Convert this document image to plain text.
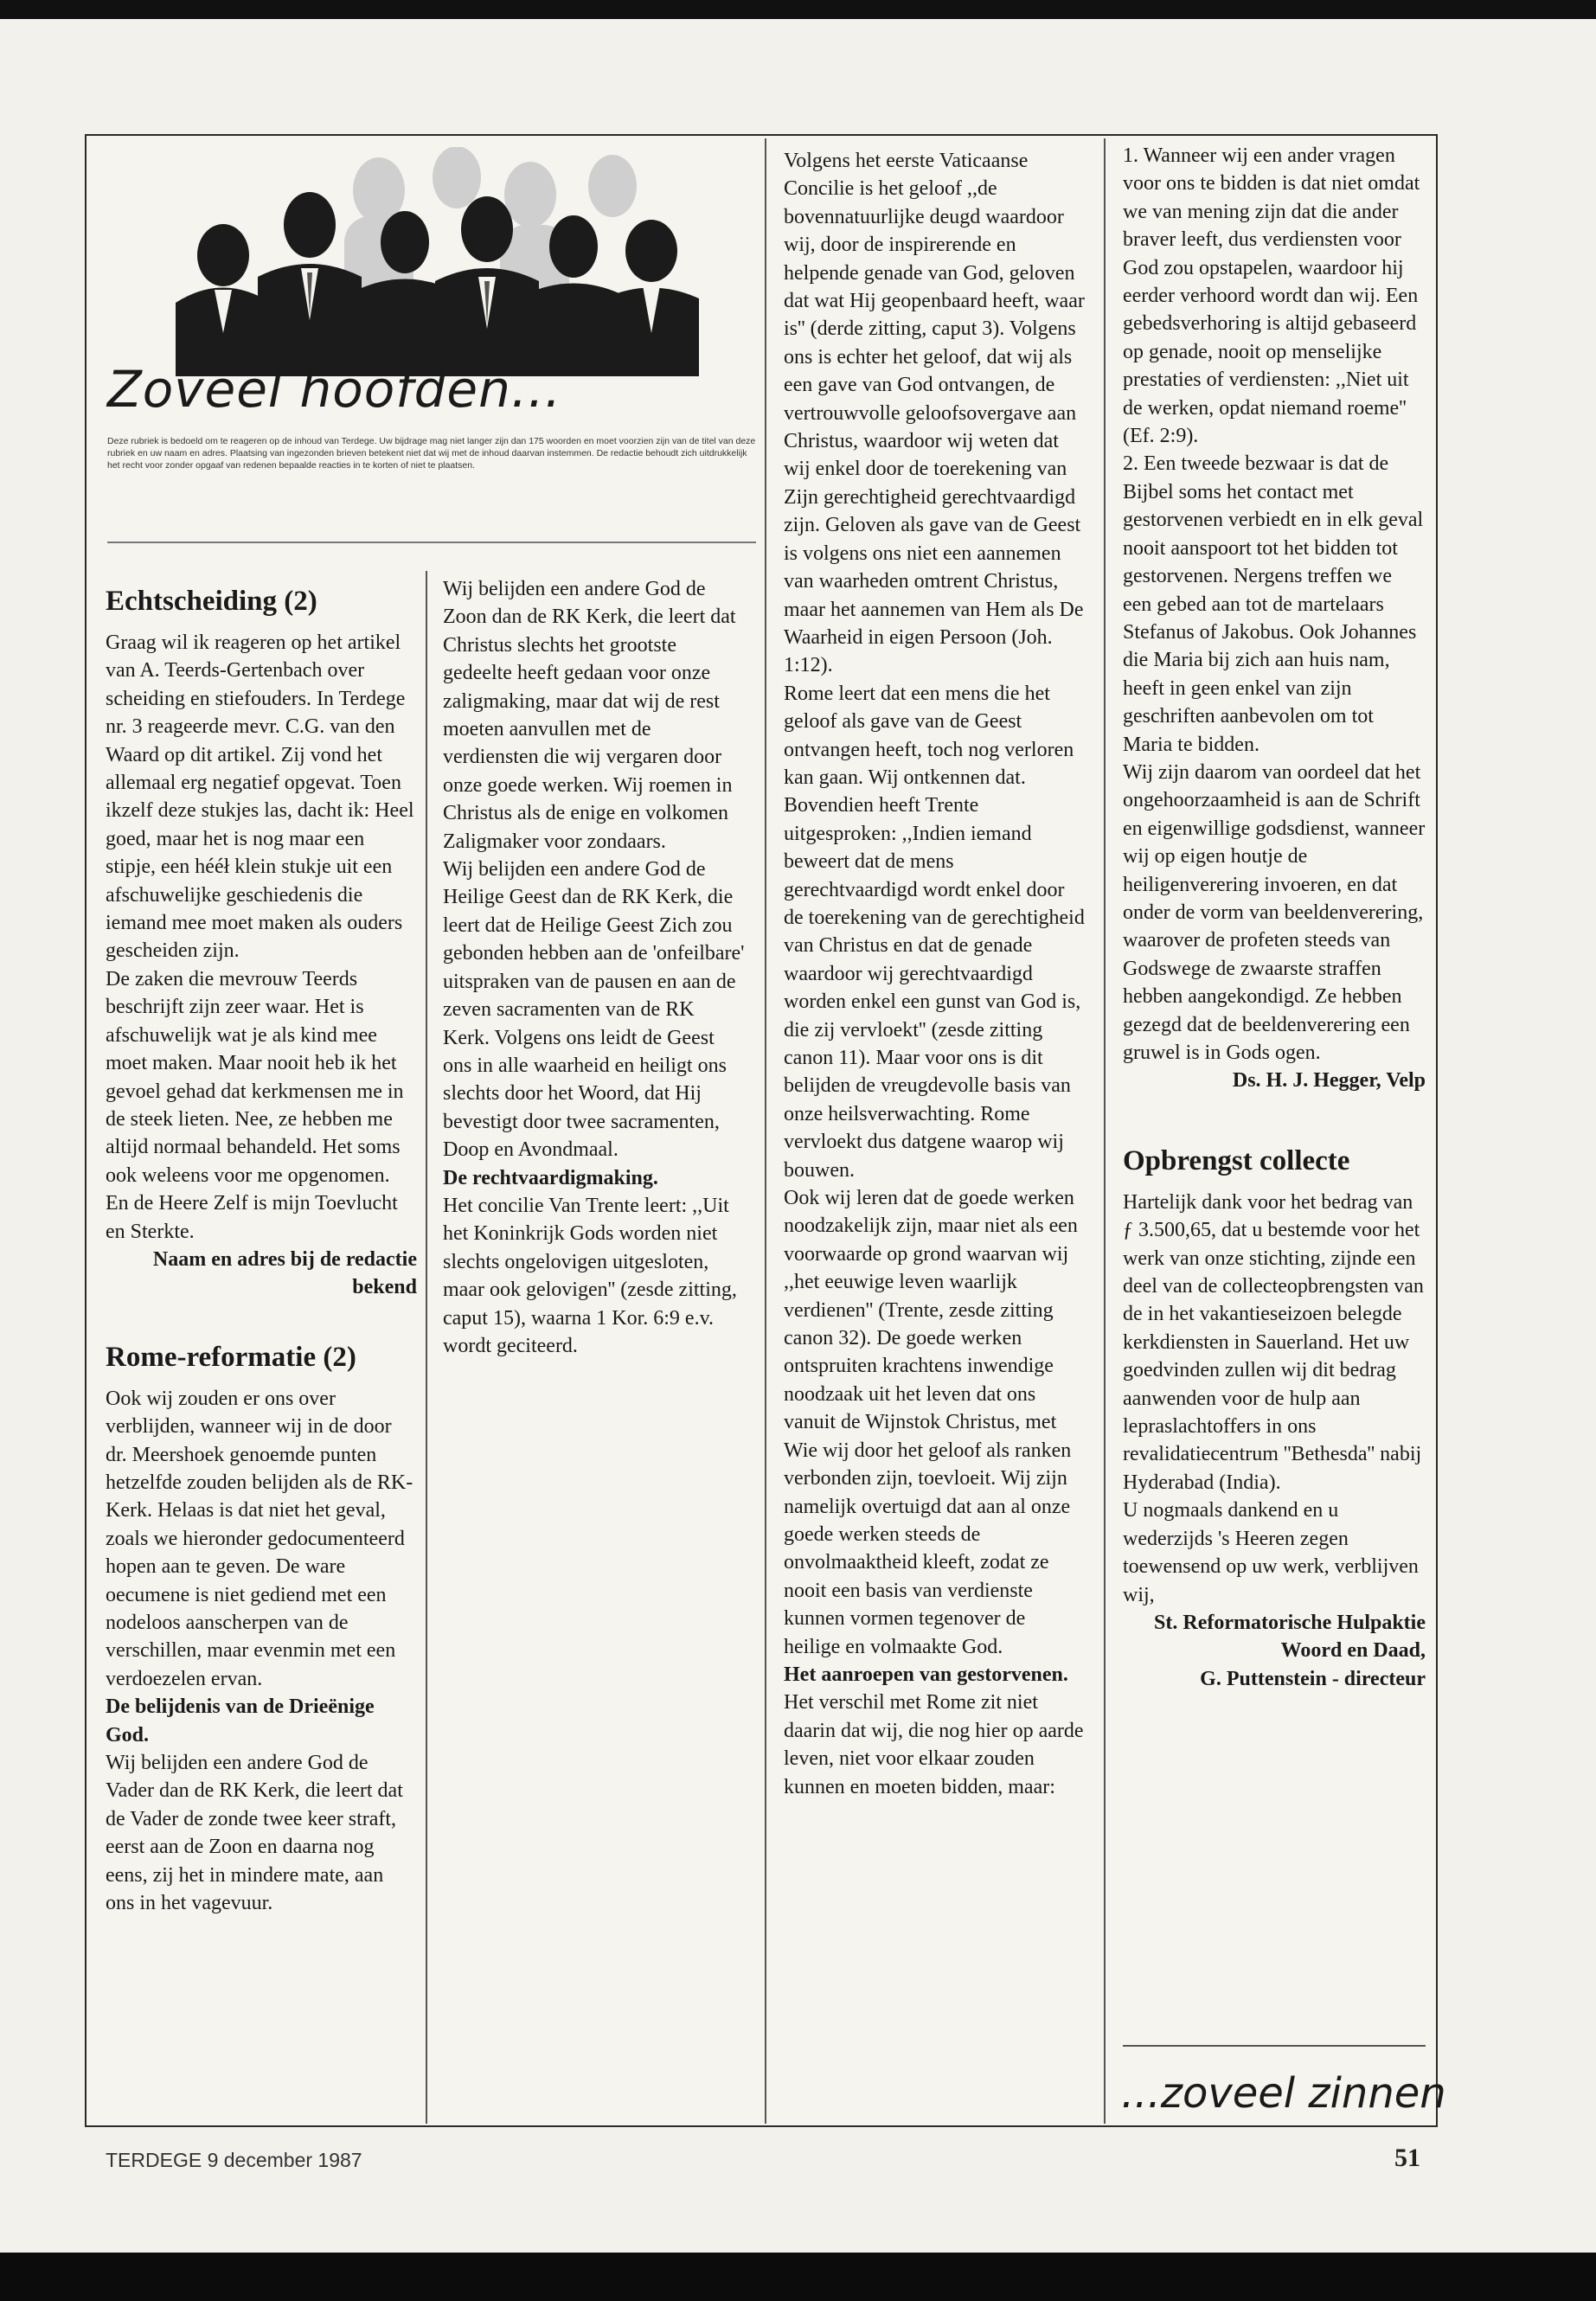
Zoveel hoofden...
Deze rubriek is bedoeld om te reageren op de inhoud van Terdege. Uw bijdrage mag niet langer zijn dan 175 woorden en moet voorzien zijn van de titel van deze rubriek en uw naam en adres. Plaatsing van ingezonden brieven betekent niet dat wij met de inhoud daarvan instemmen. De redactie behoudt zich uitdrukkelijk het recht voor zonder opgaaf van redenen bepaalde reacties in te korten of niet te plaatsen.
Echtscheiding (2)

Graag wil ik reageren op het artikel van A. Teerds-Gertenbach over scheiding en stiefouders. In Terdege nr. 3 reageerde mevr. C.G. van den Waard op dit artikel. Zij vond het allemaal erg negatief opgevat. Toen ikzelf deze stukjes las, dacht ik: Heel goed, maar het is nog maar een stipje, een hééł klein stukje uit een afschuwelijke geschiedenis die iemand mee moet maken als ouders gescheiden zijn.

De zaken die mevrouw Teerds beschrijft zijn zeer waar. Het is afschuwelijk wat je als kind mee moet maken. Maar nooit heb ik het gevoel gehad dat kerkmensen me in de steek lieten. Nee, ze hebben me altijd normaal behandeld. Het soms ook weleens voor me opgenomen. En de Heere Zelf is mijn Toevlucht en Sterkte.

Naam en adres bij de redactie bekend

Rome-reformatie (2)

Ook wij zouden er ons over verblijden, wanneer wij in de door dr. Meershoek genoemde punten hetzelfde zouden belijden als de RK-Kerk. Helaas is dat niet het geval, zoals we hieronder gedocumenteerd hopen aan te geven. De ware oecumene is niet gediend met een nodeloos aanscherpen van de verschillen, maar evenmin met een verdoezelen ervan.

De belijdenis van de Drieënige God.

Wij belijden een andere God de Vader dan de RK Kerk, die leert dat de Vader de zonde twee keer straft, eerst aan de Zoon en daarna nog eens, zij het in mindere mate, aan ons in het vagevuur.

Wij belijden een andere God de Zoon dan de RK Kerk, die leert dat Christus slechts het grootste gedeelte heeft gedaan voor onze zaligmaking, maar dat wij de rest moeten aanvullen met de verdiensten die wij vergaren door onze goede werken. Wij roemen in Christus als de enige en volkomen Zaligmaker voor zondaars.

Wij belijden een andere God de Heilige Geest dan de RK Kerk, die leert dat de Heilige Geest Zich zou gebonden hebben aan de 'onfeilbare' uitspraken van de pausen en aan de zeven sacramenten van de RK Kerk. Volgens ons leidt de Geest ons in alle waarheid en heiligt ons slechts door het Woord, dat Hij bevestigt door twee sacramenten, Doop en Avondmaal.

De rechtvaardigmaking.

Het concilie Van Trente leert: ,,Uit het Koninkrijk Gods worden niet slechts ongelovigen uitgesloten, maar ook gelovigen'' (zesde zitting, caput 15), waarna 1 Kor. 6:9 e.v. wordt geciteerd.

Volgens het eerste Vaticaanse Concilie is het geloof ,,de bovennatuurlijke deugd waardoor wij, door de inspirerende en helpende genade van God, geloven dat wat Hij geopenbaard heeft, waar is'' (derde zitting, caput 3). Volgens ons is echter het geloof, dat wij als een gave van God ontvangen, de vertrouwvolle geloofsovergave aan Christus, waardoor wij weten dat wij enkel door de toerekening van Zijn gerechtigheid gerechtvaardigd zijn. Geloven als gave van de Geest is volgens ons niet een aannemen van waarheden omtrent Christus, maar het aannemen van Hem als De Waarheid in eigen Persoon (Joh. 1:12).

Rome leert dat een mens die het geloof als gave van de Geest ontvangen heeft, toch nog verloren kan gaan. Wij ontkennen dat. Bovendien heeft Trente uitgesproken: ,,Indien iemand beweert dat de mens gerechtvaardigd wordt enkel door de toerekening van de gerechtigheid van Christus en dat de genade waardoor wij gerechtvaardigd worden enkel een gunst van God is, die zij vervloekt'' (zesde zitting canon 11). Maar voor ons is dit belijden de vreugdevolle basis van onze heilsverwachting. Rome vervloekt dus datgene waarop wij bouwen.

Ook wij leren dat de goede werken noodzakelijk zijn, maar niet als een voorwaarde op grond waarvan wij ,,het eeuwige leven waarlijk verdienen'' (Trente, zesde zitting canon 32). De goede werken ontspruiten krachtens inwendige noodzaak uit het leven dat ons vanuit de Wijnstok Christus, met Wie wij door het geloof als ranken verbonden zijn, toevloeit. Wij zijn namelijk overtuigd dat aan al onze goede werken steeds de onvolmaaktheid kleeft, zodat ze nooit een basis van verdienste kunnen vormen tegenover de heilige en volmaakte God.

Het aanroepen van gestorvenen.

Het verschil met Rome zit niet daarin dat wij, die nog hier op aarde leven, niet voor elkaar zouden kunnen en moeten bidden, maar:

1. Wanneer wij een ander vragen voor ons te bidden is dat niet omdat we van mening zijn dat die ander braver leeft, dus verdiensten voor God zou opstapelen, waardoor hij eerder verhoord wordt dan wij. Een gebedsverhoring is altijd gebaseerd op genade, nooit op menselijke prestaties of verdiensten: ,,Niet uit de werken, opdat niemand roeme'' (Ef. 2:9).

2. Een tweede bezwaar is dat de Bijbel soms het contact met gestorvenen verbiedt en in elk geval nooit aanspoort tot het bidden tot gestorvenen. Nergens treffen we een gebed aan tot de martelaars Stefanus of Jakobus. Ook Johannes die Maria bij zich aan huis nam, heeft in geen enkel van zijn geschriften aanbevolen om tot Maria te bidden.

Wij zijn daarom van oordeel dat het ongehoorzaamheid is aan de Schrift en eigenwillige godsdienst, wanneer wij op eigen houtje de heiligenverering invoeren, en dat onder de vorm van beeldenverering, waarover de profeten steeds van Godswege de zwaarste straffen hebben aangekondigd. Ze hebben gezegd dat de beeldenverering een gruwel is in Gods ogen.

Ds. H. J. Hegger, Velp

Opbrengst collecte

Hartelijk dank voor het bedrag van ƒ 3.500,65, dat u bestemde voor het werk van onze stichting, zijnde een deel van de collecteopbrengsten van de in het vakantieseizoen belegde kerkdiensten in Sauerland. Het uw goedvinden zullen wij dit bedrag aanwenden voor de hulp aan lepraslachtoffers in ons revalidatiecentrum ''Bethesda'' nabij Hyderabad (India).

U nogmaals dankend en u wederzijds 's Heeren zegen toewensend op uw werk, verblijven wij,

St. Reformatorische Hulpaktie Woord en Daad,

G. Puttenstein - directeur

...zoveel zinnen
TERDEGE 9 december 1987	51
